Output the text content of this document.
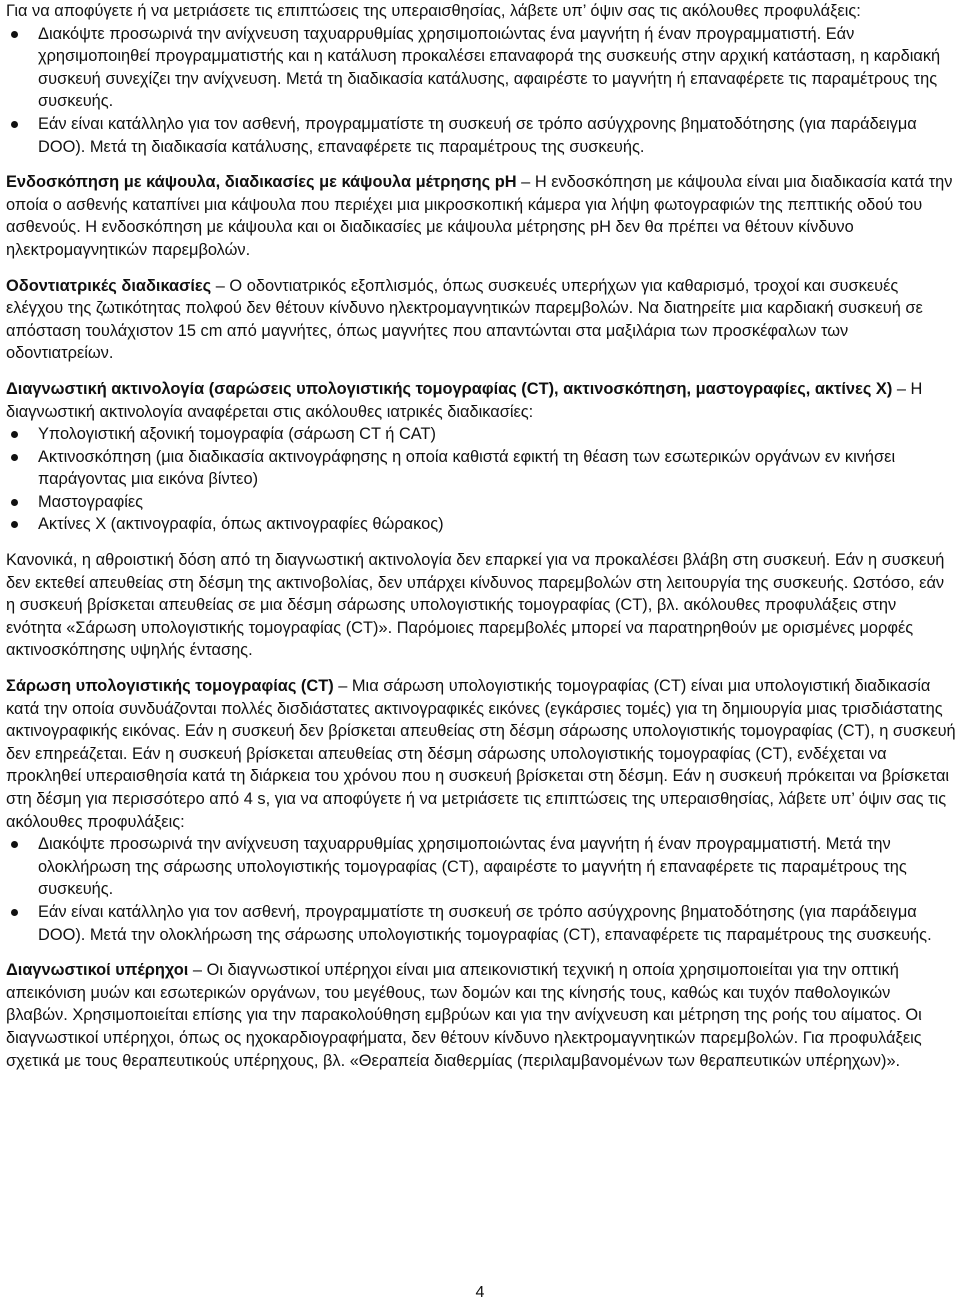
Για να αποφύγετε ή να μετριάσετε τις επιπτώσεις της υπεραισθησίας, λάβετε υπ’ όψιν σας τις ακόλουθες προφυλάξεις:

Διακόψτε προσωρινά την ανίχνευση ταχυαρρυθμίας χρησιμοποιώντας ένα μαγνήτη ή έναν προγραμματιστή. Εάν χρησιμοποιηθεί προγραμματιστής και η κατάλυση προκαλέσει επαναφορά της συσκευής στην αρχική κατάσταση, η καρδιακή συσκευή συνεχίζει την ανίχνευση. Μετά τη διαδικασία κατάλυσης, αφαιρέστε το μαγνήτη ή επαναφέρετε τις παραμέτρους της συσκευής.
Εάν είναι κατάλληλο για τον ασθενή, προγραμματίστε τη συσκευή σε τρόπο ασύγχρονης βηματοδότησης (για παράδειγμα DOO). Μετά τη διαδικασία κατάλυσης, επαναφέρετε τις παραμέτρους της συσκευής.

Ενδοσκόπηση με κάψουλα, διαδικασίες με κάψουλα μέτρησης pH – Η ενδοσκόπηση με κάψουλα είναι μια διαδικασία κατά την οποία ο ασθενής καταπίνει μια κάψουλα που περιέχει μια μικροσκοπική κάμερα για λήψη φωτογραφιών της πεπτικής οδού του ασθενούς. Η ενδοσκόπηση με κάψουλα και οι διαδικασίες με κάψουλα μέτρησης pH δεν θα πρέπει να θέτουν κίνδυνο ηλεκτρομαγνητικών παρεμβολών.

Οδοντιατρικές διαδικασίες – Ο οδοντιατρικός εξοπλισμός, όπως συσκευές υπερήχων για καθαρισμό, τροχοί και συσκευές ελέγχου της ζωτικότητας πολφού δεν θέτουν κίνδυνο ηλεκτρομαγνητικών παρεμβολών. Να διατηρείτε μια καρδιακή συσκευή σε απόσταση τουλάχιστον 15 cm από μαγνήτες, όπως μαγνήτες που απαντώνται στα μαξιλάρια των προσκέφαλων των οδοντιατρείων.

Διαγνωστική ακτινολογία (σαρώσεις υπολογιστικής τομογραφίας (CT), ακτινοσκόπηση, μαστογραφίες, ακτίνες X) – Η διαγνωστική ακτινολογία αναφέρεται στις ακόλουθες ιατρικές διαδικασίες:

Υπολογιστική αξονική τομογραφία (σάρωση CT ή CAT)
Ακτινοσκόπηση (μια διαδικασία ακτινογράφησης η οποία καθιστά εφικτή τη θέαση των εσωτερικών οργάνων εν κινήσει παράγοντας μια εικόνα βίντεο)
Μαστογραφίες
Ακτίνες X (ακτινογραφία, όπως ακτινογραφίες θώρακος)

Κανονικά, η αθροιστική δόση από τη διαγνωστική ακτινολογία δεν επαρκεί για να προκαλέσει βλάβη στη συσκευή. Εάν η συσκευή δεν εκτεθεί απευθείας στη δέσμη της ακτινοβολίας, δεν υπάρχει κίνδυνος παρεμβολών στη λειτουργία της συσκευής. Ωστόσο, εάν η συσκευή βρίσκεται απευθείας σε μια δέσμη σάρωσης υπολογιστικής τομογραφίας (CT), βλ. ακόλουθες προφυλάξεις στην ενότητα «Σάρωση υπολογιστικής τομογραφίας (CT)». Παρόμοιες παρεμβολές μπορεί να παρατηρηθούν με ορισμένες μορφές ακτινοσκόπησης υψηλής έντασης.

Σάρωση υπολογιστικής τομογραφίας (CT) – Μια σάρωση υπολογιστικής τομογραφίας (CT) είναι μια υπολογιστική διαδικασία κατά την οποία συνδυάζονται πολλές δισδιάστατες ακτινογραφικές εικόνες (εγκάρσιες τομές) για τη δημιουργία μιας τρισδιάστατης ακτινογραφικής εικόνας. Εάν η συσκευή δεν βρίσκεται απευθείας στη δέσμη σάρωσης υπολογιστικής τομογραφίας (CT), η συσκευή δεν επηρεάζεται. Εάν η συσκευή βρίσκεται απευθείας στη δέσμη σάρωσης υπολογιστικής τομογραφίας (CT), ενδέχεται να προκληθεί υπεραισθησία κατά τη διάρκεια του χρόνου που η συσκευή βρίσκεται στη δέσμη. Εάν η συσκευή πρόκειται να βρίσκεται στη δέσμη για περισσότερο από 4 s, για να αποφύγετε ή να μετριάσετε τις επιπτώσεις της υπεραισθησίας, λάβετε υπ’ όψιν σας τις ακόλουθες προφυλάξεις:

Διακόψτε προσωρινά την ανίχνευση ταχυαρρυθμίας χρησιμοποιώντας ένα μαγνήτη ή έναν προγραμματιστή. Μετά την ολοκλήρωση της σάρωσης υπολογιστικής τομογραφίας (CT), αφαιρέστε το μαγνήτη ή επαναφέρετε τις παραμέτρους της συσκευής.
Εάν είναι κατάλληλο για τον ασθενή, προγραμματίστε τη συσκευή σε τρόπο ασύγχρονης βηματοδότησης (για παράδειγμα DOO). Μετά την ολοκλήρωση της σάρωσης υπολογιστικής τομογραφίας (CT), επαναφέρετε τις παραμέτρους της συσκευής.

Διαγνωστικοί υπέρηχοι – Οι διαγνωστικοί υπέρηχοι είναι μια απεικονιστική τεχνική η οποία χρησιμοποιείται για την οπτική απεικόνιση μυών και εσωτερικών οργάνων, του μεγέθους, των δομών και της κίνησής τους, καθώς και τυχόν παθολογικών βλαβών. Χρησιμοποιείται επίσης για την παρακολούθηση εμβρύων και για την ανίχνευση και μέτρηση της ροής του αίματος. Οι διαγνωστικοί υπέρηχοι, όπως ος ηχοκαρδιογραφήματα, δεν θέτουν κίνδυνο ηλεκτρομαγνητικών παρεμβολών. Για προφυλάξεις σχετικά με τους θεραπευτικούς υπέρηχους, βλ. «Θεραπεία διαθερμίας (περιλαμβανομένων των θεραπευτικών υπέρηχων)».

4
